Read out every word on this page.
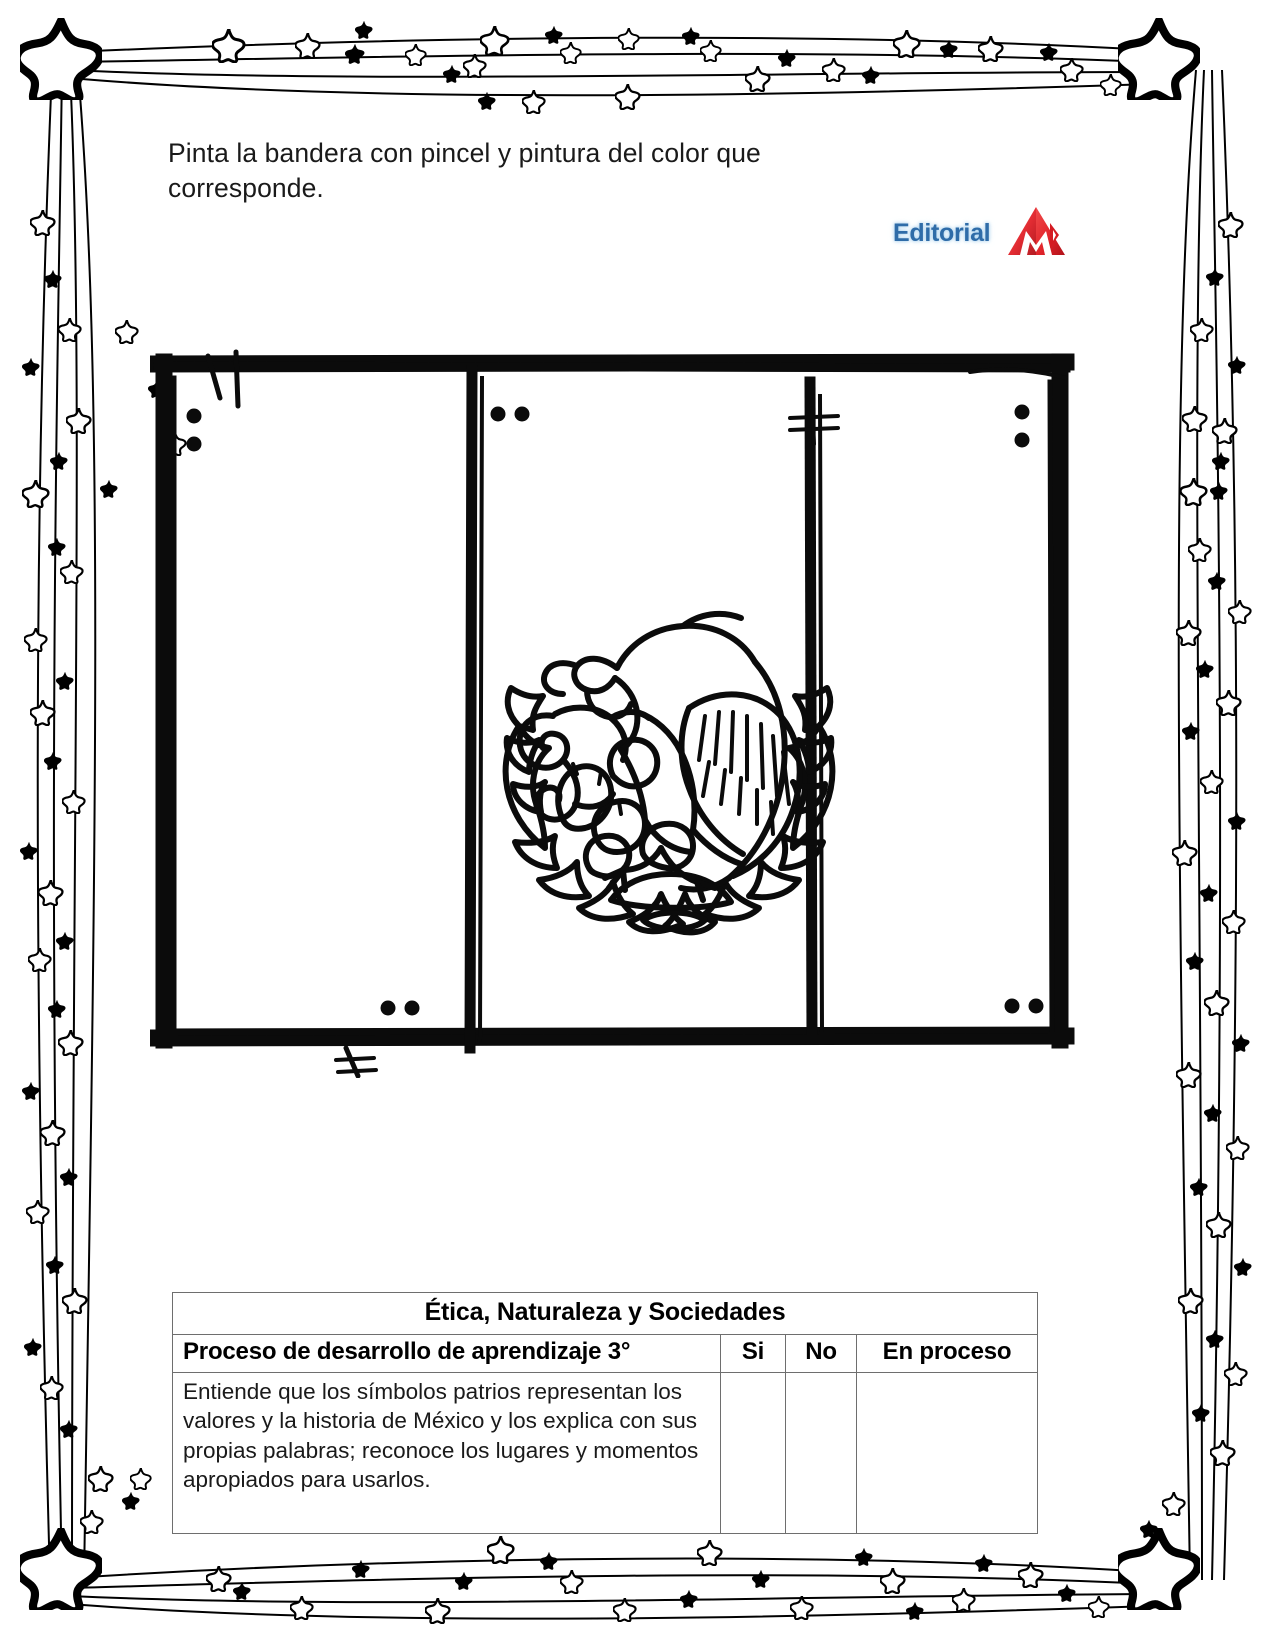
Pinta la bandera con pincel y pintura del color que corresponde.
Editorial
Ética, Naturaleza y Sociedades			
Proceso de desarrollo de aprendizaje 3°	Si	No	En proceso
Entiende que los símbolos patrios representan los valores y la historia de México y los explica con sus propias palabras; reconoce los lugares y momentos apropiados para usarlos.			
